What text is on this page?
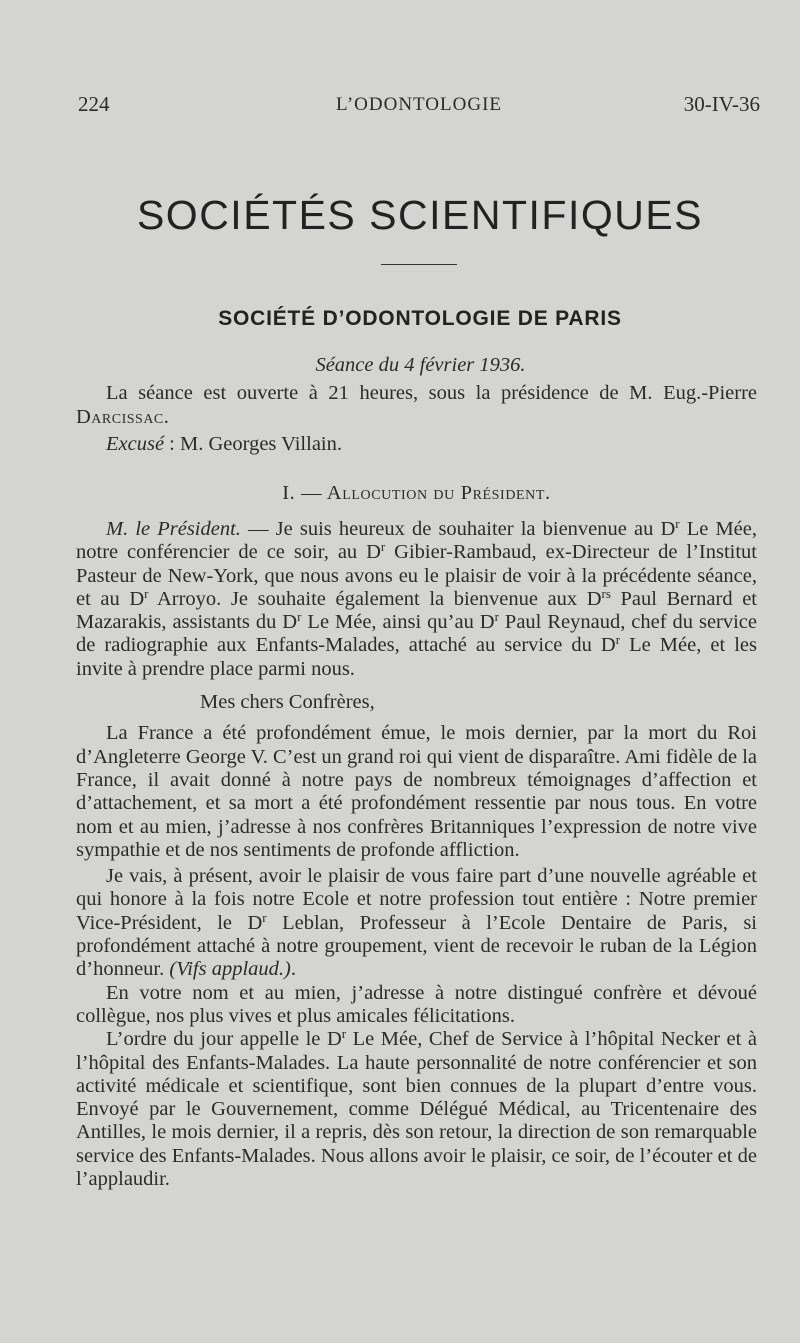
224	L’ODONTOLOGIE	30-IV-36
SOCIÉTÉS SCIENTIFIQUES
SOCIÉTÉ D’ODONTOLOGIE DE PARIS

Séance du 4 février 1936.

La séance est ouverte à 21 heures, sous la présidence de M. Eug.-Pierre Darcissac.

Excusé : M. Georges Villain.

I. — Allocution du Président.

M. le Président. — Je suis heureux de souhaiter la bienvenue au $D^r$ Le Mée, notre conférencier de ce soir, au $D^r$ Gibier-Rambaud, ex-Directeur de l’Institut Pasteur de New-York, que nous avons eu le plaisir de voir à la précédente séance, et au $D^r$ Arroyo. Je souhaite également la bienvenue aux $D^{rs}$ Paul Bernard et Mazarakis, assistants du $D^r$ Le Mée, ainsi qu’au $D^r$ Paul Reynaud, chef du service de radiographie aux Enfants-Malades, attaché au service du $D^r$ Le Mée, et les invite à prendre place parmi nous.

Mes chers Confrères,

La France a été profondément émue, le mois dernier, par la mort du Roi d’Angleterre George V. C’est un grand roi qui vient de disparaître. Ami fidèle de la France, il avait donné à notre pays de nombreux témoignages d’affection et d’attachement, et sa mort a été profondément ressentie par nous tous. En votre nom et au mien, j’adresse à nos confrères Britanniques l’expression de notre vive sympathie et de nos sentiments de profonde affliction.

Je vais, à présent, avoir le plaisir de vous faire part d’une nouvelle agréable et qui honore à la fois notre Ecole et notre profession tout entière : Notre premier Vice-Président, le $D^r$ Leblan, Professeur à l’Ecole Dentaire de Paris, si profondément attaché à notre groupement, vient de recevoir le ruban de la Légion d’honneur. (Vifs applaud.).

En votre nom et au mien, j’adresse à notre distingué confrère et dévoué collègue, nos plus vives et plus amicales félicitations.

L’ordre du jour appelle le $D^r$ Le Mée, Chef de Service à l’hôpital Necker et à l’hôpital des Enfants-Malades. La haute personnalité de notre conférencier et son activité médicale et scientifique, sont bien connues de la plupart d’entre vous. Envoyé par le Gouvernement, comme Délégué Médical, au Tricentenaire des Antilles, le mois dernier, il a repris, dès son retour, la direction de son remarquable service des Enfants-Malades. Nous allons avoir le plaisir, ce soir, de l’écouter et de l’applaudir.
